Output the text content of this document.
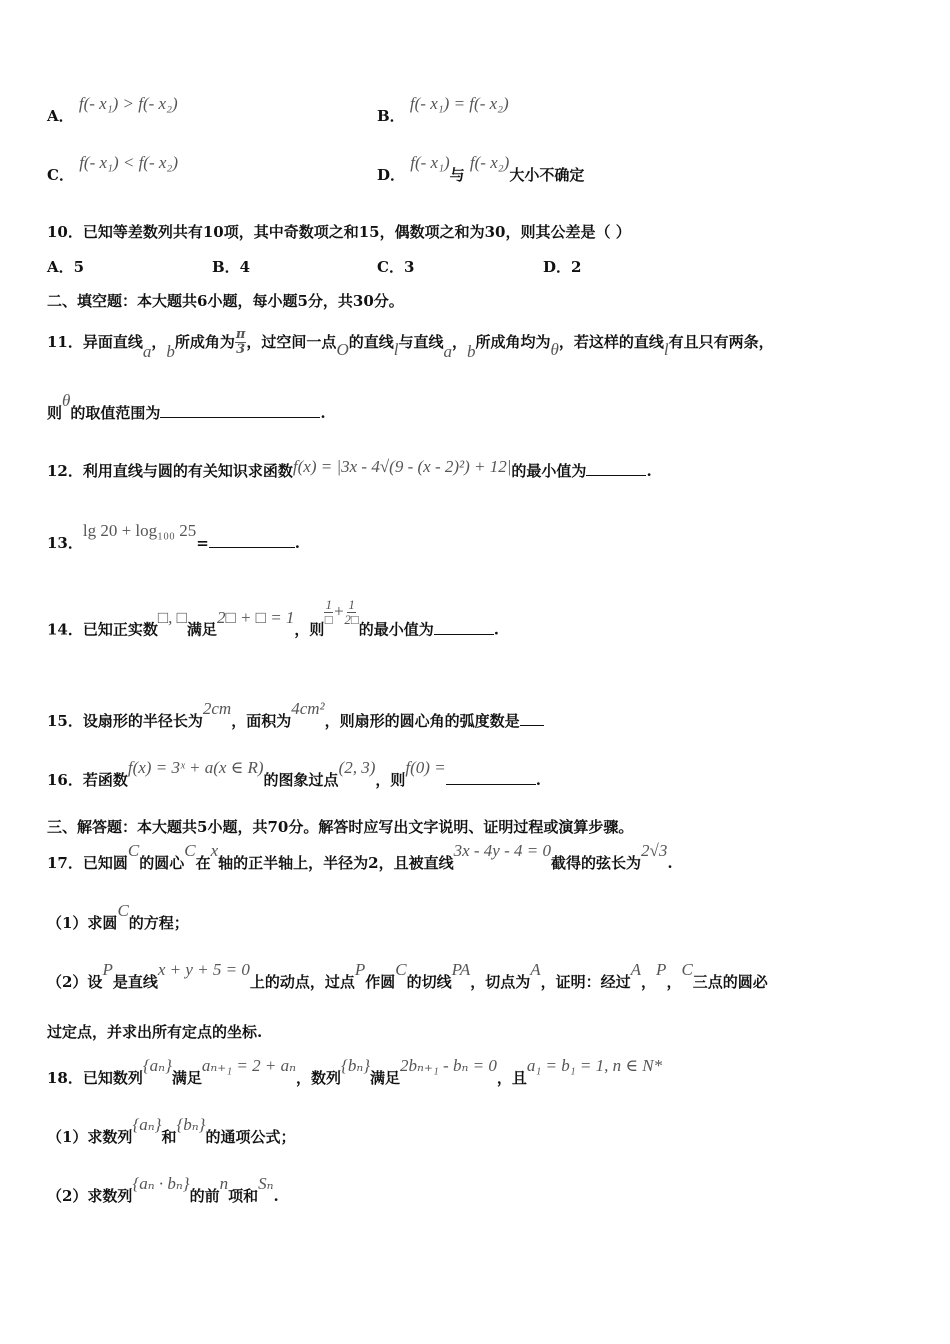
A． f(- x₁) > f(- x₂)
B． f(- x₁) = f(- x₂)
C． f(- x₁) < f(- x₂)
D． f(- x₁)与 f(- x₂)大小不确定
10．已知等差数列共有10项，其中奇数项之和15，偶数项之和为30，则其公差是（ ）
A．5	B．4	C．3	D．2
二、填空题：本大题共6小题，每小题5分，共30分。
11．异面直线a，b所成角为 $\frac{\pi}{3}$ ，过空间一点O的直线l与直线a，b所成角均为θ，若这样的直线l有且只有两条，
则θ的取值范围为	.
12．利用直线与圆的有关知识求函数f(x) = |3x - 4√(9 - (x - 2)²) + 12|的最小值为	.
13．lg 20 + log₁₀₀ 25=	.
14．已知正实数□, □满足2□ + □ = 1，则
$\frac{1}{□} + \frac{1}{2□}$
的最小值为	.
15．设扇形的半径长为2cm，面积为4cm²，则扇形的圆心角的弧度数是
16．若函数f(x) = 3ˣ + a(x ∈ R)的图象过点(2, 3)，则f(0) =.
三、解答题：本大题共5小题，共70分。解答时应写出文字说明、证明过程或演算步骤。
17．已知圆C的圆心C在x轴的正半轴上，半径为2，且被直线3x - 4y - 4 = 0截得的弦长为2√3.
（1）求圆C的方程；
（2）设P是直线x + y + 5 = 0上的动点，过点P作圆C的切线PA，切点为A，证明：经过A，P，C三点的圆必
过定点，并求出所有定点的坐标.
18．已知数列{aₙ}满足aₙ₊₁ = 2 + aₙ，数列{bₙ}满足2bₙ₊₁ - bₙ = 0，且a₁ = b₁ = 1, n ∈ N*
（1）求数列{aₙ}和{bₙ}的通项公式；
（2）求数列{aₙ · bₙ}的前n项和Sₙ.
